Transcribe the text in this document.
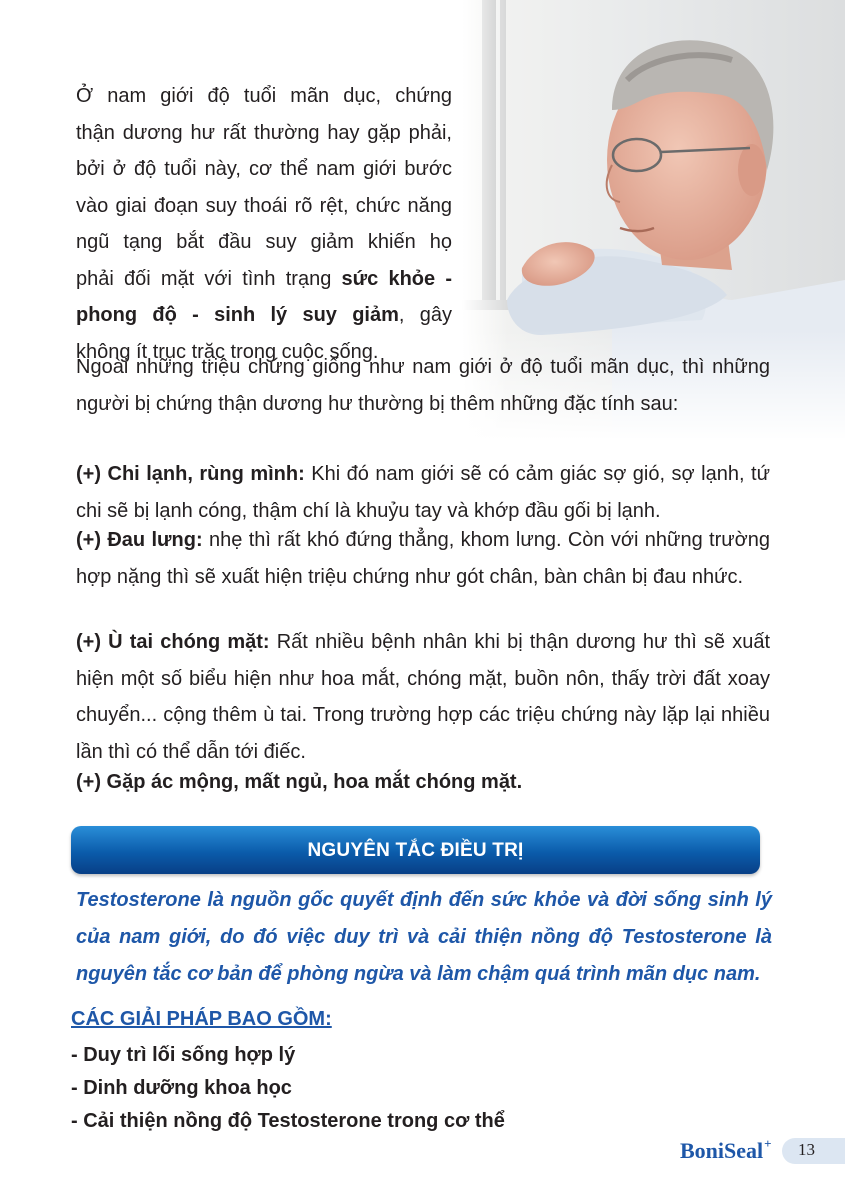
Ở nam giới độ tuổi mãn dục, chứng
thận dương hư rất thường hay gặp phải,
bởi ở độ tuổi này, cơ thể nam giới bước
vào giai đoạn suy thoái rõ rệt, chức năng
ngũ tạng bắt đầu suy giảm khiến họ
phải đối mặt với tình trạng sức khỏe -
phong độ - sinh lý suy giảm, gây
không ít trục trặc trong cuộc sống.
Ngoài những triệu chứng giống như nam giới ở độ tuổi mãn dục, thì những người bị chứng thận dương hư thường bị thêm những đặc tính sau:
(+) Chi lạnh, rùng mình: Khi đó nam giới sẽ có cảm giác sợ gió, sợ lạnh, tứ chi sẽ bị lạnh cóng, thậm chí là khuỷu tay và khớp đầu gối bị lạnh.
(+) Đau lưng: nhẹ thì rất khó đứng thẳng, khom lưng. Còn với những trường hợp nặng thì sẽ xuất hiện triệu chứng như gót chân, bàn chân bị đau nhức.
(+) Ù tai chóng mặt: Rất nhiều bệnh nhân khi bị thận dương hư thì sẽ xuất hiện một số biểu hiện như hoa mắt, chóng mặt, buồn nôn, thấy trời đất xoay chuyển... cộng thêm ù tai. Trong trường hợp các triệu chứng này lặp lại nhiều lần thì có thể dẫn tới điếc.
(+) Gặp ác mộng, mất ngủ, hoa mắt chóng mặt.
NGUYÊN TẮC ĐIỀU TRỊ
Testosterone là nguồn gốc quyết định đến sức khỏe và đời sống sinh lý
của nam giới, do đó việc duy trì và cải thiện nồng độ Testosterone là
nguyên tắc cơ bản để phòng ngừa và làm chậm quá trình mãn dục nam.
CÁC GIẢI PHÁP BAO GỒM:
- Duy trì lối sống hợp lý
- Dinh dưỡng khoa học
- Cải thiện nồng độ Testosterone trong cơ thể
BoniSeal+ 13
